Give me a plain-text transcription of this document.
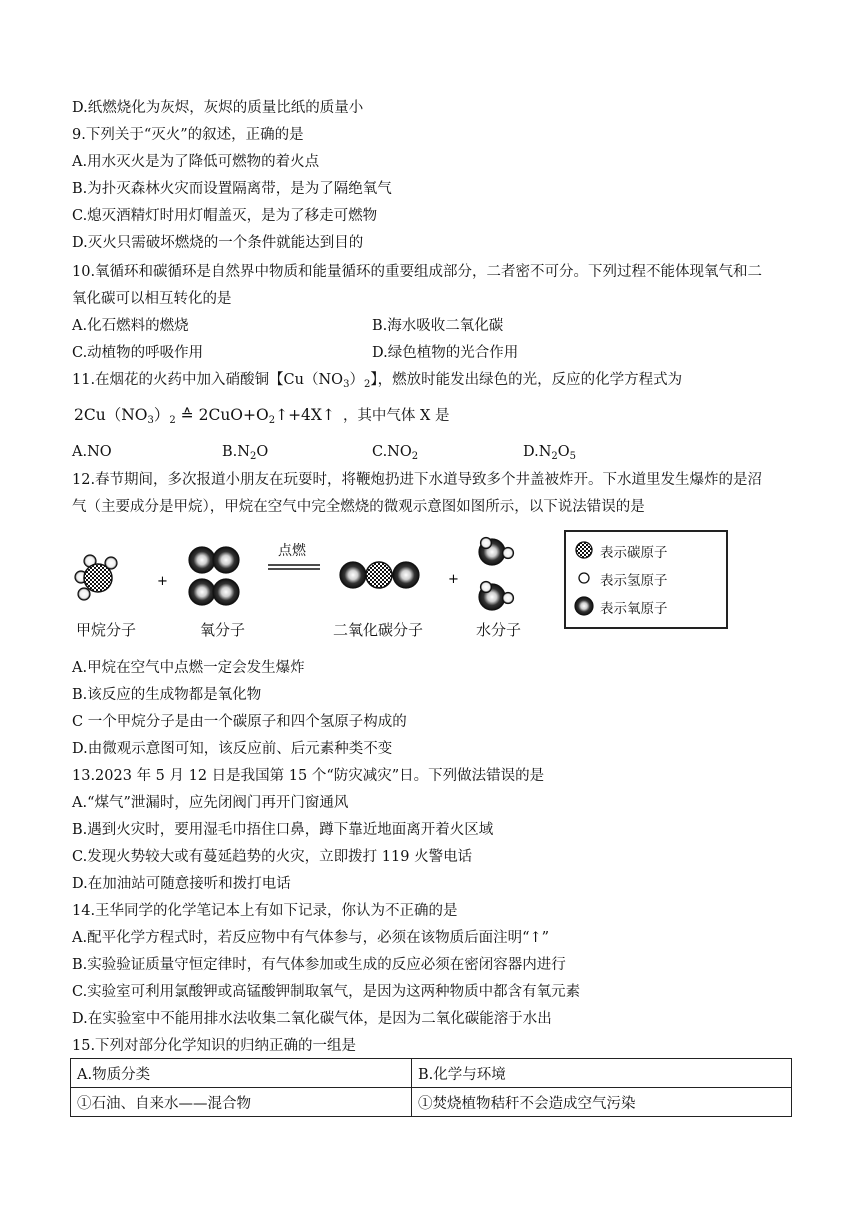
D.纸燃烧化为灰烬，灰烬的质量比纸的质量小
9.下列关于“灭火”的叙述，正确的是
A.用水灭火是为了降低可燃物的着火点
B.为扑灭森林火灾而设置隔离带，是为了隔绝氧气
C.熄灭酒精灯时用灯帽盖灭，是为了移走可燃物
D.灭火只需破坏燃烧的一个条件就能达到目的
10.氧循环和碳循环是自然界中物质和能量循环的重要组成部分，二者密不可分。下列过程不能体现氧气和二
氧化碳可以相互转化的是
A.化石燃料的燃烧	B.海水吸收二氧化碳
C.动植物的呼吸作用	D.绿色植物的光合作用
11.在烟花的火药中加入硝酸铜【$Cu(NO_3)_2$】，燃放时能发出绿色的光，反应的化学方程式为
$2Cu(NO_3)_2$ ≙ $2CuO+O_2↑+4X↑$ ，其中气体 X 是
A.NO	$B.N_2O$	$C.NO_2$	$D.N_2O_5$
12.春节期间，多次报道小朋友在玩耍时，将鞭炮扔进下水道导致多个井盖被炸开。下水道里发生爆炸的是沼
气（主要成分是甲烷），甲烷在空气中完全燃烧的微观示意图如图所示，以下说法错误的是
+	+
点燃
甲烷分子	氧分子	二氧化碳分子	水分子
表示碳原子
表示氢原子
表示氧原子
A.甲烷在空气中点燃一定会发生爆炸
B.该反应的生成物都是氧化物
C 一个甲烷分子是由一个碳原子和四个氢原子构成的
D.由微观示意图可知，该反应前、后元素种类不变
13.2023 年 5 月 12 日是我国第 15 个“防灾减灾”日。下列做法错误的是
A.“煤气”泄漏时，应先闭阀门再开门窗通风
B.遇到火灾时，要用湿毛巾捂住口鼻，蹲下靠近地面离开着火区域
C.发现火势较大或有蔓延趋势的火灾，立即拨打 119 火警电话
D.在加油站可随意接听和拨打电话
14.王华同学的化学笔记本上有如下记录，你认为不正确的是
A.配平化学方程式时，若反应物中有气体参与，必须在该物质后面注明“↑”
B.实验验证质量守恒定律时，有气体参加或生成的反应必须在密闭容器内进行
C.实验室可利用氯酸钾或高锰酸钾制取氧气，是因为这两种物质中都含有氧元素
D.在实验室中不能用排水法收集二氧化碳气体，是因为二氧化碳能溶于水出
15.下列对部分化学知识的归纳正确的一组是
A.物质分类	B.化学与环境
①石油、自来水——混合物	①焚烧植物秸秆不会造成空气污染
